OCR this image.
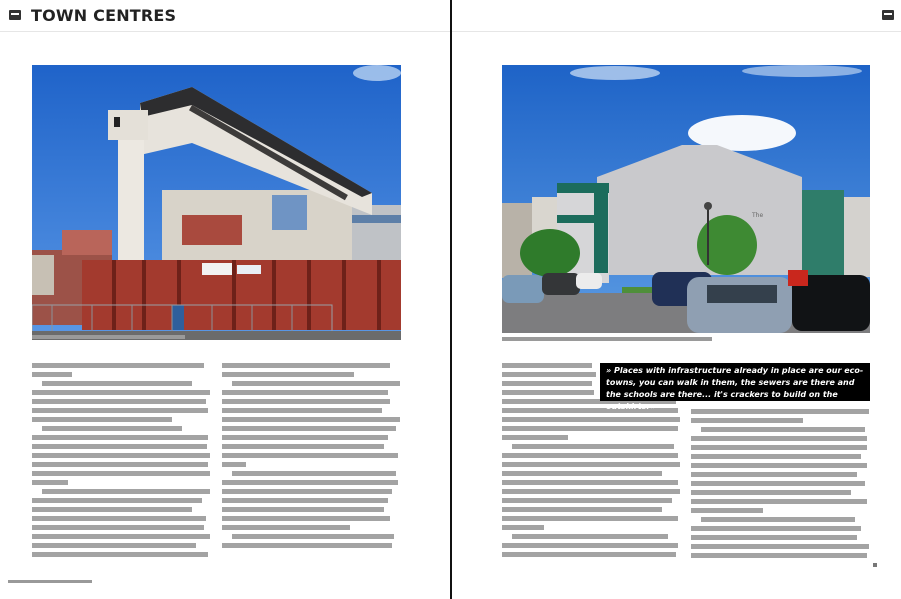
TOWN CENTRES
The
» Places with infrastructure already in place are our eco-towns, you can walk in them, the sewers are there and the schools are there... it's crackers to build on the outskirts.«
